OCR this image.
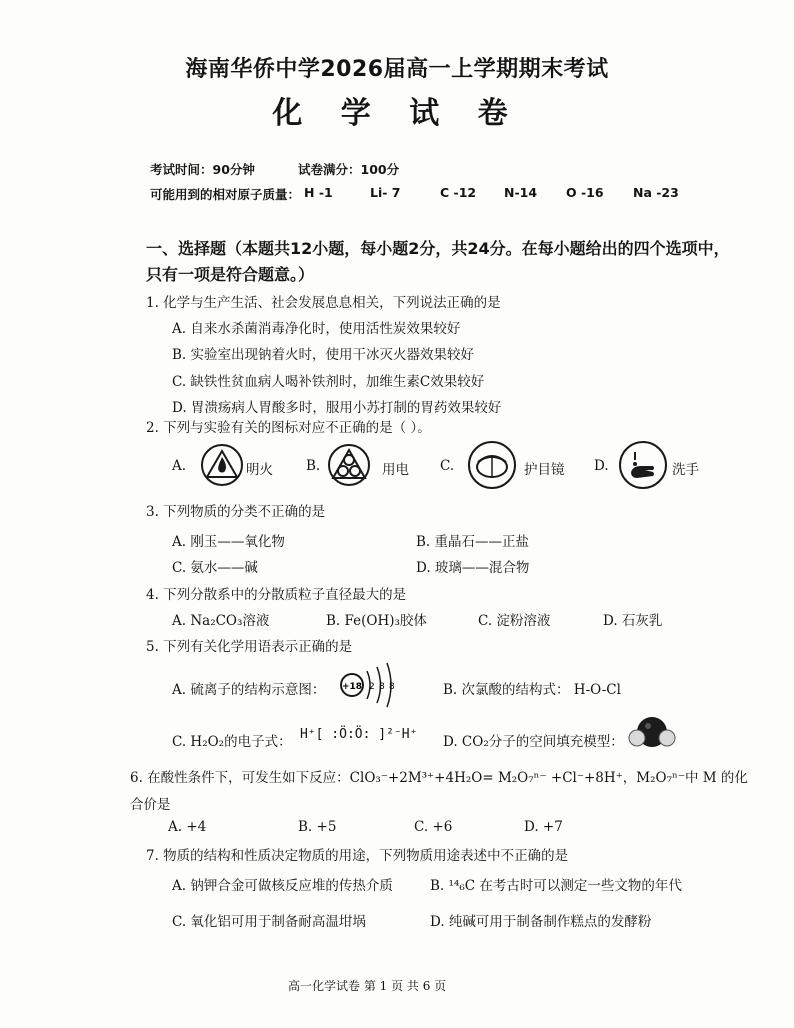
海南华侨中学2026届高一上学期期末考试
化 学 试 卷
考试时间：90分钟	试卷满分：100分
可能用到的相对原子质量： H -1	Li- 7	C -12 N-14 O -16 Na -23
一、选择题（本题共12小题，每小题2分，共24分。在每小题给出的四个选项中，
只有一项是符合题意。）
1. 化学与生产生活、社会发展息息相关，下列说法正确的是
A. 自来水杀菌消毒净化时，使用活性炭效果较好
B. 实验室出现钠着火时，使用干冰灭火器效果较好
C. 缺铁性贫血病人喝补铁剂时，加维生素C效果较好
D. 胃溃疡病人胃酸多时，服用小苏打制的胃药效果较好
2. 下列与实验有关的图标对应不正确的是（ ）。
A.	明火 B.	用电 C.	护目镜 D.	洗手
3. 下列物质的分类不正确的是
A. 刚玉——氧化物	B. 重晶石——正盐
C. 氨水——碱	D. 玻璃——混合物
4. 下列分散系中的分散质粒子直径最大的是
A. Na₂CO₃溶液	B. Fe(OH)₃胶体	C. 淀粉溶液	D. 石灰乳
5. 下列有关化学用语表示正确的是
A. 硫离子的结构示意图： +18 2 8 8	B. 次氯酸的结构式： H-O-Cl
C. H₂O₂的电子式： H⁺[ :Ö:Ö: ]²⁻H⁺ D. CO₂分子的空间填充模型：
6. 在酸性条件下，可发生如下反应：ClO₃⁻+2M³⁺+4H₂O= M₂O₇ⁿ⁻ +Cl⁻+8H⁺，M₂O₇ⁿ⁻中 M 的化
合价是
A. +4	B. +5	C. +6	D. +7
7. 物质的结构和性质决定物质的用途，下列物质用途表述中不正确的是
A. 钠钾合金可做核反应堆的传热介质	B. ¹⁴₆C 在考古时可以测定一些文物的年代
C. 氧化铝可用于制备耐高温坩埚	D. 纯碱可用于制备制作糕点的发酵粉
高一化学试卷 第 1 页 共 6 页
